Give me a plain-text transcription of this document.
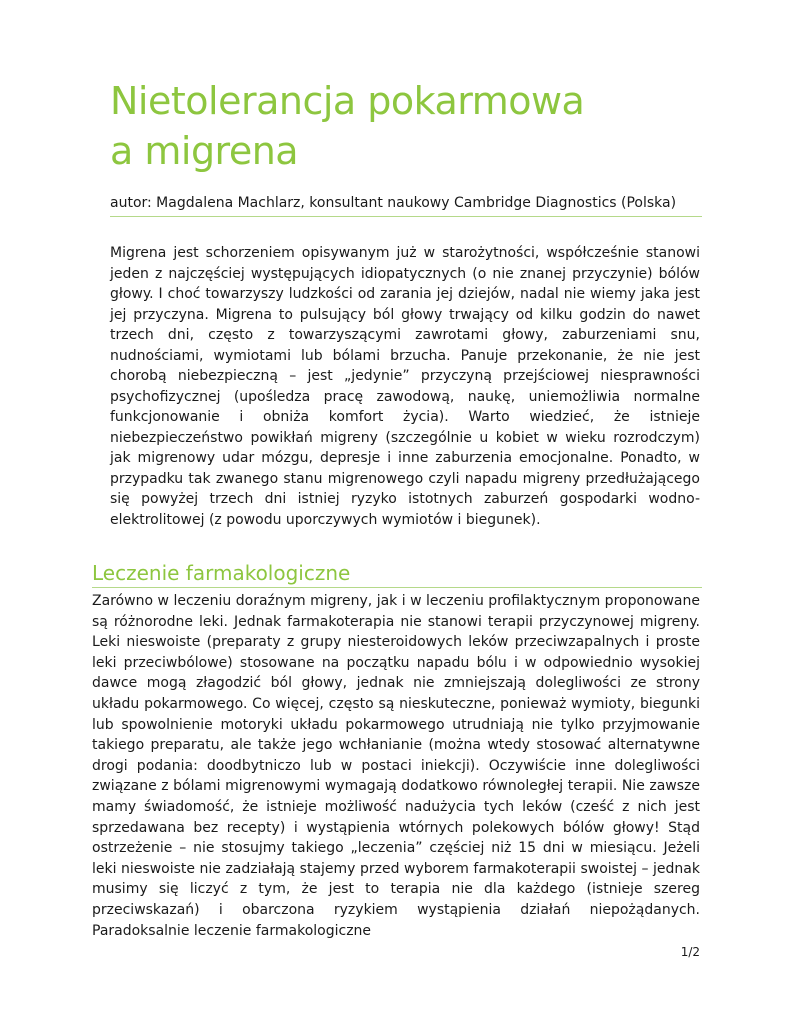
Nietolerancja pokarmowa
a migrena
autor: Magdalena Machlarz, konsultant naukowy Cambridge Diagnostics (Polska)

Migrena jest schorzeniem opisywanym już w starożytności, współcześnie stanowi jeden z najczęściej występujących idiopatycznych (o nie znanej przyczynie) bólów głowy. I choć towarzyszy ludzkości od zarania jej dziejów, nadal nie wiemy jaka jest jej przyczyna. Migrena to pulsujący ból głowy trwający od kilku godzin do nawet trzech dni, często z towarzyszącymi zawrotami głowy, zaburzeniami snu, nudnościami, wymiotami lub bólami brzucha. Panuje przekonanie, że nie jest chorobą niebezpieczną – jest „jedynie” przyczyną przejściowej niesprawności psychofizycznej (upośledza pracę zawodową, naukę, uniemożliwia normalne funkcjonowanie i obniża komfort życia). Warto wiedzieć, że istnieje niebezpieczeństwo powikłań migreny (szczególnie u kobiet w wieku rozrodczym) jak migrenowy udar mózgu, depresje i inne zaburzenia emocjonalne. Ponadto, w przypadku tak zwanego stanu migrenowego czyli napadu migreny przedłużającego się powyżej trzech dni istniej ryzyko istotnych zaburzeń gospodarki wodno-elektrolitowej (z powodu uporczywych wymiotów i biegunek).

Leczenie farmakologiczne

Zarówno w leczeniu doraźnym migreny, jak i w leczeniu profilaktycznym proponowane są różnorodne leki. Jednak farmakoterapia nie stanowi terapii przyczynowej migreny. Leki nieswoiste (preparaty z grupy niesteroidowych leków przeciwzapalnych i proste leki przeciwbólowe) stosowane na początku napadu bólu i w odpowiednio wysokiej dawce mogą złagodzić ból głowy, jednak nie zmniejszają dolegliwości ze strony układu pokarmowego. Co więcej, często są nieskuteczne, ponieważ wymioty, biegunki lub spowolnienie motoryki układu pokarmowego utrudniają nie tylko przyjmowanie takiego preparatu, ale także jego wchłanianie (można wtedy stosować alternatywne drogi podania: doodbytniczo lub w postaci iniekcji). Oczywiście inne dolegliwości związane z bólami migrenowymi wymagają dodatkowo równoległej terapii. Nie zawsze mamy świadomość, że istnieje możliwość nadużycia tych leków (cześć z nich jest sprzedawana bez recepty) i wystąpienia wtórnych polekowych bólów głowy! Stąd ostrzeżenie – nie stosujmy takiego „leczenia” częściej niż 15 dni w miesiącu. Jeżeli leki nieswoiste nie zadziałają stajemy przed wyborem farmakoterapii swoistej – jednak musimy się liczyć z tym, że jest to terapia nie dla każdego (istnieje szereg przeciwskazań) i obarczona ryzykiem wystąpienia działań niepożądanych. Paradoksalnie leczenie farmakologiczne

1/2
